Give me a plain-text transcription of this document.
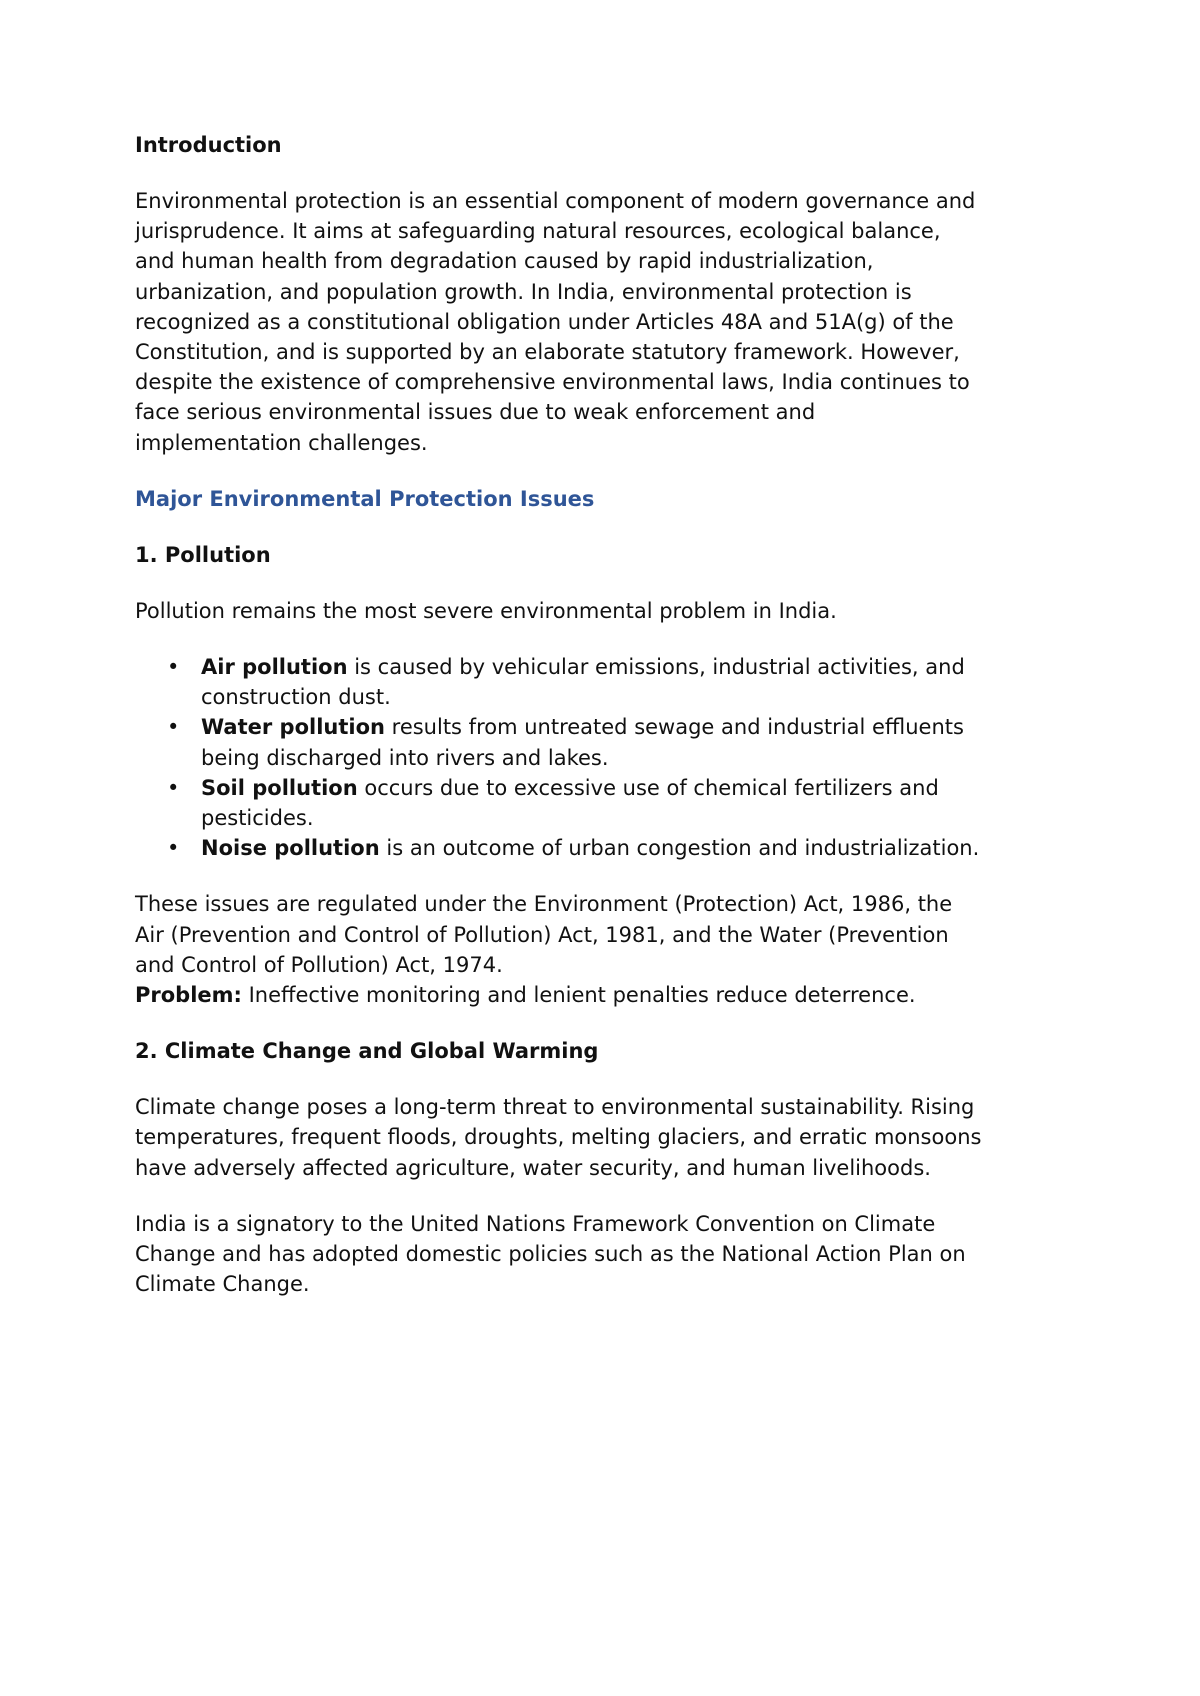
Introduction

Environmental protection is an essential component of modern governance and jurisprudence. It aims at safeguarding natural resources, ecological balance, and human health from degradation caused by rapid industrialization, urbanization, and population growth. In India, environmental protection is recognized as a constitutional obligation under Articles 48A and 51A(g) of the Constitution, and is supported by an elaborate statutory framework. However, despite the existence of comprehensive environmental laws, India continues to face serious environmental issues due to weak enforcement and implementation challenges.

Major Environmental Protection Issues
1. Pollution

Pollution remains the most severe environmental problem in India.

• Air pollution is caused by vehicular emissions, industrial activities, and construction dust.
• Water pollution results from untreated sewage and industrial effluents being discharged into rivers and lakes.
• Soil pollution occurs due to excessive use of chemical fertilizers and pesticides.
• Noise pollution is an outcome of urban congestion and industrialization.

These issues are regulated under the Environment (Protection) Act, 1986, the Air (Prevention and Control of Pollution) Act, 1981, and the Water (Prevention and Control of Pollution) Act, 1974.

Problem: Ineffective monitoring and lenient penalties reduce deterrence.

2. Climate Change and Global Warming

Climate change poses a long-term threat to environmental sustainability. Rising temperatures, frequent floods, droughts, melting glaciers, and erratic monsoons have adversely affected agriculture, water security, and human livelihoods.

India is a signatory to the United Nations Framework Convention on Climate Change and has adopted domestic policies such as the National Action Plan on Climate Change.
